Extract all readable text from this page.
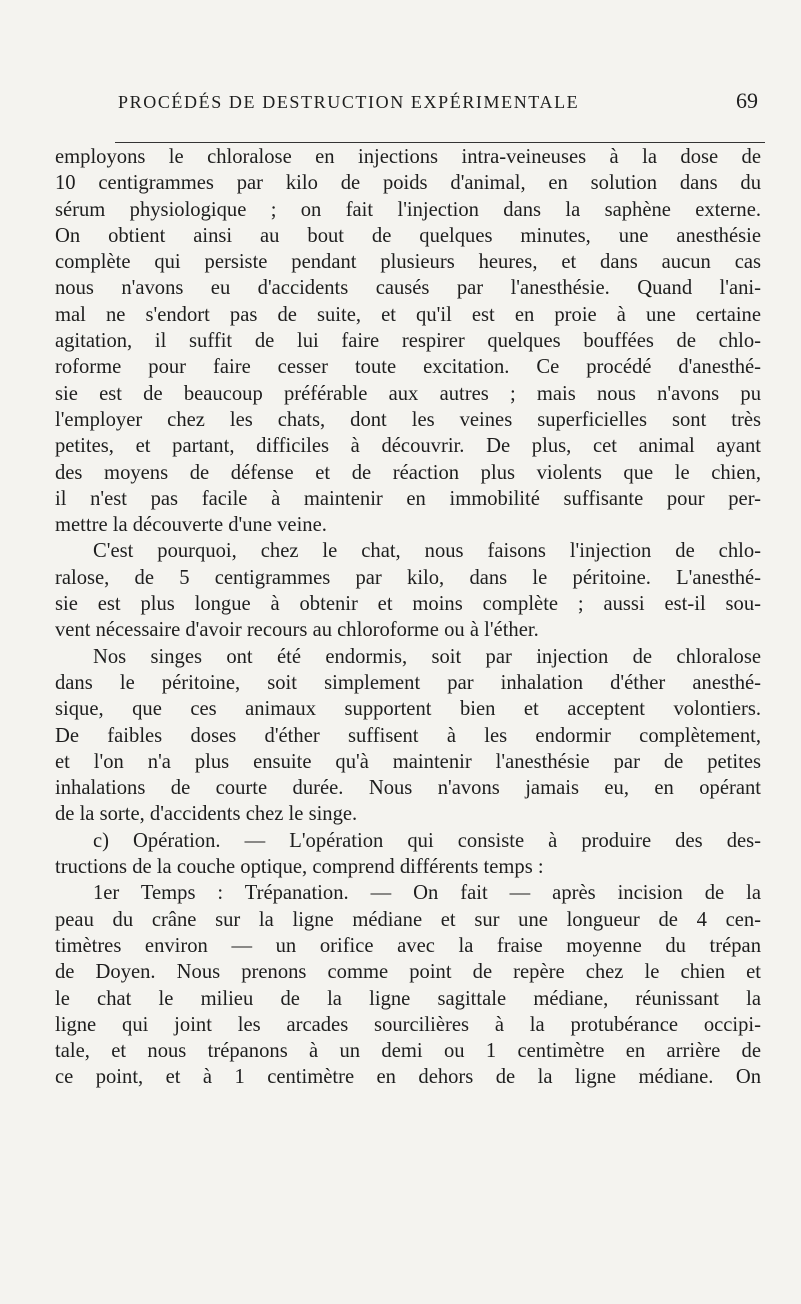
PROCÉDÉS DE DESTRUCTION EXPÉRIMENTALE	69
employons le chloralose en injections intra-veineuses à la dose de
10 centigrammes par kilo de poids d'animal, en solution dans du
sérum physiologique ; on fait l'injection dans la saphène externe.
On obtient ainsi au bout de quelques minutes, une anesthésie
complète qui persiste pendant plusieurs heures, et dans aucun cas
nous n'avons eu d'accidents causés par l'anesthésie. Quand l'ani-
mal ne s'endort pas de suite, et qu'il est en proie à une certaine
agitation, il suffit de lui faire respirer quelques bouffées de chlo-
roforme pour faire cesser toute excitation. Ce procédé d'anesthé-
sie est de beaucoup préférable aux autres ; mais nous n'avons pu
l'employer chez les chats, dont les veines superficielles sont très
petites, et partant, difficiles à découvrir. De plus, cet animal ayant
des moyens de défense et de réaction plus violents que le chien,
il n'est pas facile à maintenir en immobilité suffisante pour per-
mettre la découverte d'une veine.
C'est pourquoi, chez le chat, nous faisons l'injection de chlo-
ralose, de 5 centigrammes par kilo, dans le péritoine. L'anesthé-
sie est plus longue à obtenir et moins complète ; aussi est-il sou-
vent nécessaire d'avoir recours au chloroforme ou à l'éther.
Nos singes ont été endormis, soit par injection de chloralose
dans le péritoine, soit simplement par inhalation d'éther anesthé-
sique, que ces animaux supportent bien et acceptent volontiers.
De faibles doses d'éther suffisent à les endormir complètement,
et l'on n'a plus ensuite qu'à maintenir l'anesthésie par de petites
inhalations de courte durée. Nous n'avons jamais eu, en opérant
de la sorte, d'accidents chez le singe.
c) Opération. — L'opération qui consiste à produire des des-
tructions de la couche optique, comprend différents temps :
1er Temps : Trépanation. — On fait — après incision de la
peau du crâne sur la ligne médiane et sur une longueur de 4 cen-
timètres environ — un orifice avec la fraise moyenne du trépan
de Doyen. Nous prenons comme point de repère chez le chien et
le chat le milieu de la ligne sagittale médiane, réunissant la
ligne qui joint les arcades sourcilières à la protubérance occipi-
tale, et nous trépanons à un demi ou 1 centimètre en arrière de
ce point, et à 1 centimètre en dehors de la ligne médiane. On
